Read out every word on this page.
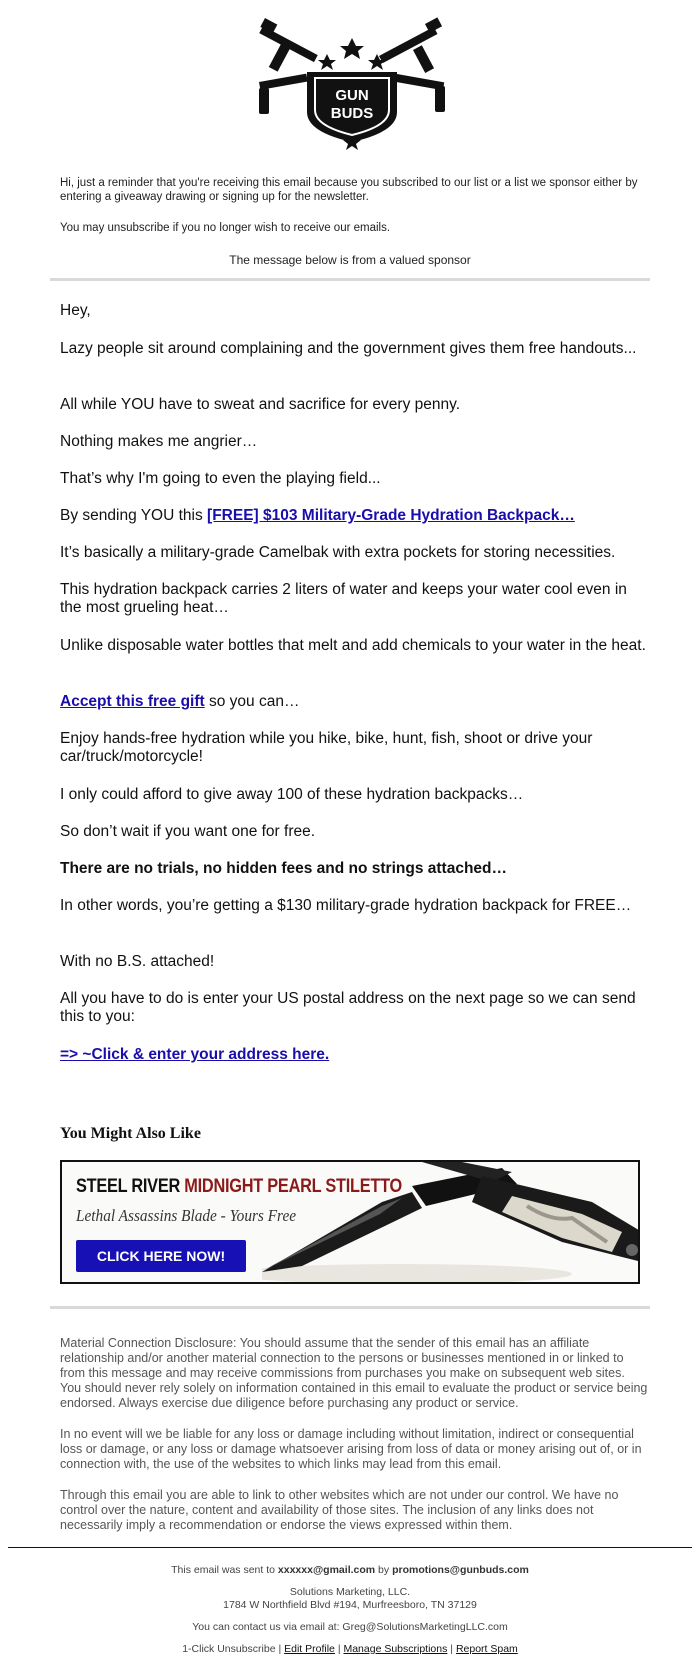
GUN
BUDS
Hi, just a reminder that you're receiving this email because you subscribed to our list or a list we sponsor either by entering a giveaway drawing or signing up for the newsletter.
You may unsubscribe if you no longer wish to receive our emails.
The message below is from a valued sponsor

Hey,

Lazy people sit around complaining and the government gives them free handouts...

All while YOU have to sweat and sacrifice for every penny.

Nothing makes me angrier…

That’s why I'm going to even the playing field...

By sending YOU this [FREE] $103 Military-Grade Hydration Backpack…

It’s basically a military-grade Camelbak with extra pockets for storing necessities.

This hydration backpack carries 2 liters of water and keeps your water cool even in the most grueling heat…

Unlike disposable water bottles that melt and add chemicals to your water in the heat.

Accept this free gift so you can…

Enjoy hands-free hydration while you hike, bike, hunt, fish, shoot or drive your car/truck/motorcycle!

I only could afford to give away 100 of these hydration backpacks…

So don’t wait if you want one for free.

There are no trials, no hidden fees and no strings attached…

In other words, you’re getting a $130 military-grade hydration backpack for FREE…

With no B.S. attached!

All you have to do is enter your US postal address on the next page so we can send this to you:

=> ~Click & enter your address here.

You Might Also Like
STEEL RIVER MIDNIGHT PEARL STILETTO
Lethal Assassins Blade - Yours Free
CLICK HERE NOW!
Material Connection Disclosure: You should assume that the sender of this email has an affiliate relationship and/or another material connection to the persons or businesses mentioned in or linked to from this message and may receive commissions from purchases you make on subsequent web sites. You should never rely solely on information contained in this email to evaluate the product or service being endorsed. Always exercise due diligence before purchasing any product or service.
In no event will we be liable for any loss or damage including without limitation, indirect or consequential loss or damage, or any loss or damage whatsoever arising from loss of data or money arising out of, or in connection with, the use of the websites to which links may lead from this email.
Through this email you are able to link to other websites which are not under our control. We have no control over the nature, content and availability of those sites. The inclusion of any links does not necessarily imply a recommendation or endorse the views expressed within them.
This email was sent to xxxxxx@gmail.com by promotions@gunbuds.com
Solutions Marketing, LLC.
1784 W Northfield Blvd #194, Murfreesboro, TN 37129
You can contact us via email at: Greg@SolutionsMarketingLLC.com
1-Click Unsubscribe | Edit Profile | Manage Subscriptions | Report Spam
